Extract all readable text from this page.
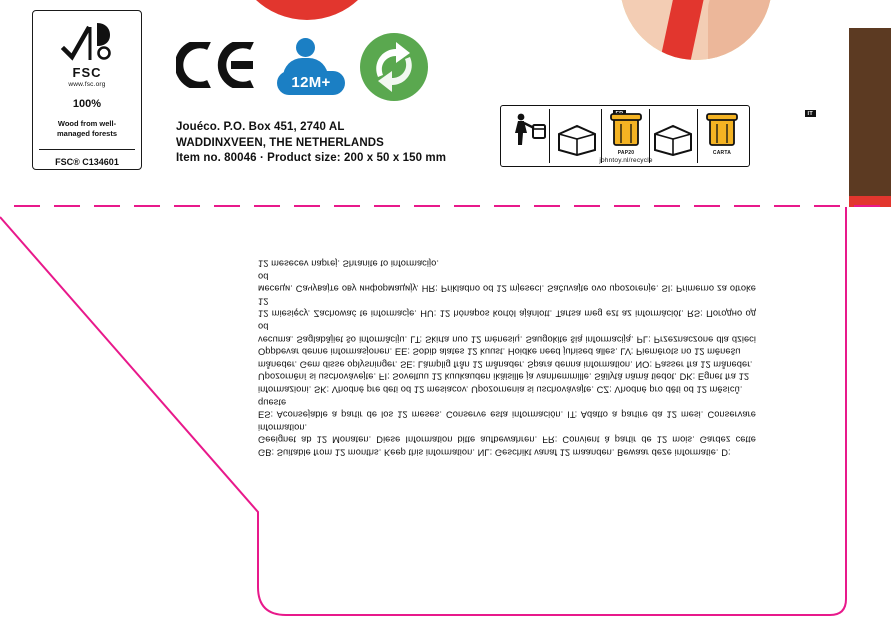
FSC
www.fsc.org
100%
Wood from well-
managed forests
FSC® C134601
12M+
Jouéco. P.O. Box 451, 2740 AL
WADDINXVEEN, THE NETHERLANDS
Item no. 80046 · Product size: 200 x 50 x 150 mm	PAP20
IT
CARTA
johntoy.nl/recycle
GB: Suitable from 12 months. Keep this information. NL: Geschikt vanaf 12 maanden. Bewaar deze informatie. D:
Geeignet ab 12 Monaten. Diese Information bitte aufbewahren. FR: Convient à partir de 12 mois. Gardez cette information.
ES: Aconsejable a partir de los 12 meses. Conserve esta información. IT: Adatto a partire da 12 mesi. Conservare queste
informazioni. SK: Vhodné pre deti od 12 mesiacov. Upozornenia si uschovávajte. CZ: Vhodné pro děti od 12 měsíců.
Upozornění si uschovávejte. FI: Soveltuu 12 kuukauden ikäisille ja vanhemmille. Säilytä nämä tiedot. DK: Egnet fra 12
måneder. Gem disse oplysninger. SE: Lämplig från 12 månader. Spara denna information. NO: Passer fra 12 måneder.
Oppbevar denne informasjonen. EE: Sobib alates 12 kuust. Hoidke need juhised alles. LV: Piemērots no 12 mēnešu
vecuma. Saglabājiet šo informāciju. LT: Skirta nuo 12 mėnesių. Saugokite šią informaciją. PL: Przeznaczone dla dzieci od
12 miesięcy. Zachować te informacje. HU: 12 hónapos kortól ajánlott. Tartsa meg ezt az információt. RS: Погодно од 12
месеци. Сачувајте ову информацију. HR: Prikladno od 12 mjeseci. Sačuvajte ovo upozorenje. SI: Primerno za otroke od
12 mesecev naprej. Shranite to informacijo.
